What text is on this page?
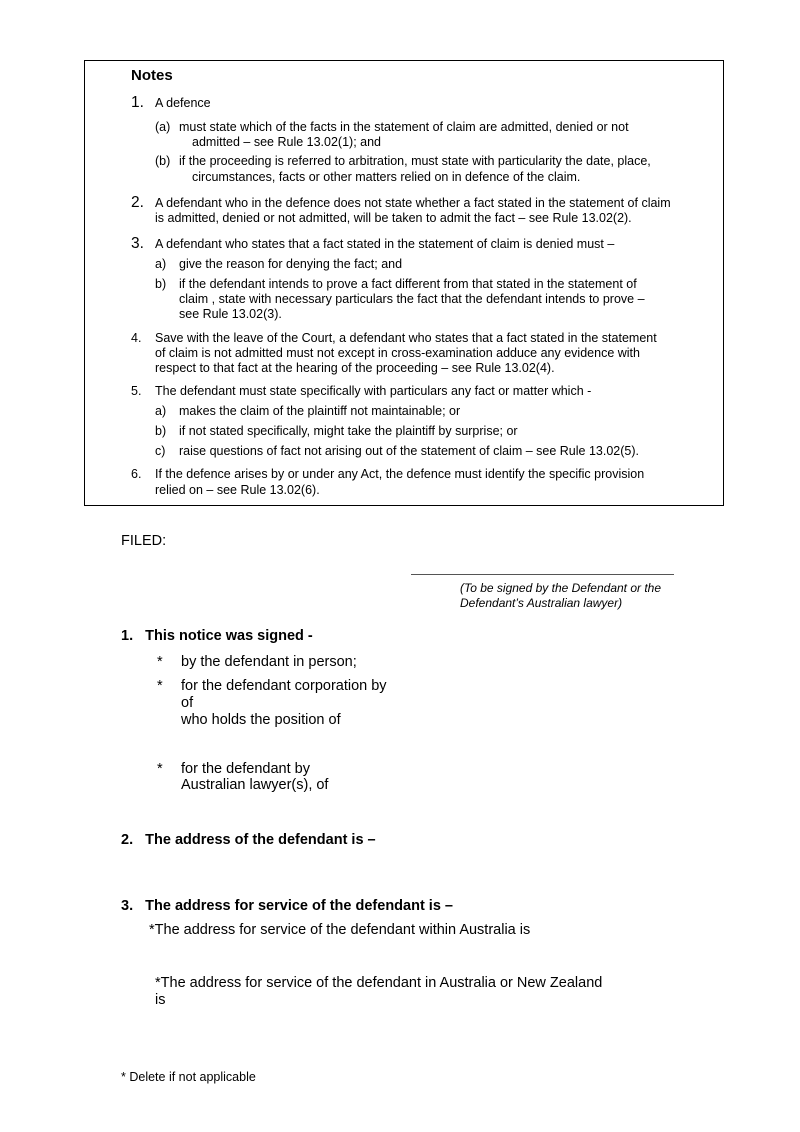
Notes
1. A defence
(a) must state which of the facts in the statement of claim are admitted, denied or not
admitted – see Rule 13.02(1); and
(b) if the proceeding is referred to arbitration, must state with particularity the date, place,
circumstances, facts or other matters relied on in defence of the claim.
2. A defendant who in the defence does not state whether a fact stated in the statement of claim
is admitted, denied or not admitted, will be taken to admit the fact – see Rule 13.02(2).
3. A defendant who states that a fact stated in the statement of claim is denied must –
a) give the reason for denying the fact; and
b) if the defendant intends to prove a fact different from that stated in the statement of
claim , state with necessary particulars the fact that the defendant intends to prove –
see Rule 13.02(3).
4. Save with the leave of the Court, a defendant who states that a fact stated in the statement
of claim is not admitted must not except in cross-examination adduce any evidence with
respect to that fact at the hearing of the proceeding – see Rule 13.02(4).
5. The defendant must state specifically with particulars any fact or matter which -
a) makes the claim of the plaintiff not maintainable; or
b) if not stated specifically, might take the plaintiff by surprise; or
c) raise questions of fact not arising out of the statement of claim – see Rule 13.02(5).
6. If the defence arises by or under any Act, the defence must identify the specific provision
relied on – see Rule 13.02(6).
FILED:
(To be signed by the Defendant or the
Defendant’s Australian lawyer)
1.   This notice was signed -
* by the defendant in person;
* for the defendant corporation by
of
who holds the position of
* for the defendant by
Australian lawyer(s), of
2.   The address of the defendant is –
3.   The address for service of the defendant is –
*The address for service of the defendant within Australia is
*The address for service of the defendant in Australia or New Zealand
is
* Delete if not applicable
